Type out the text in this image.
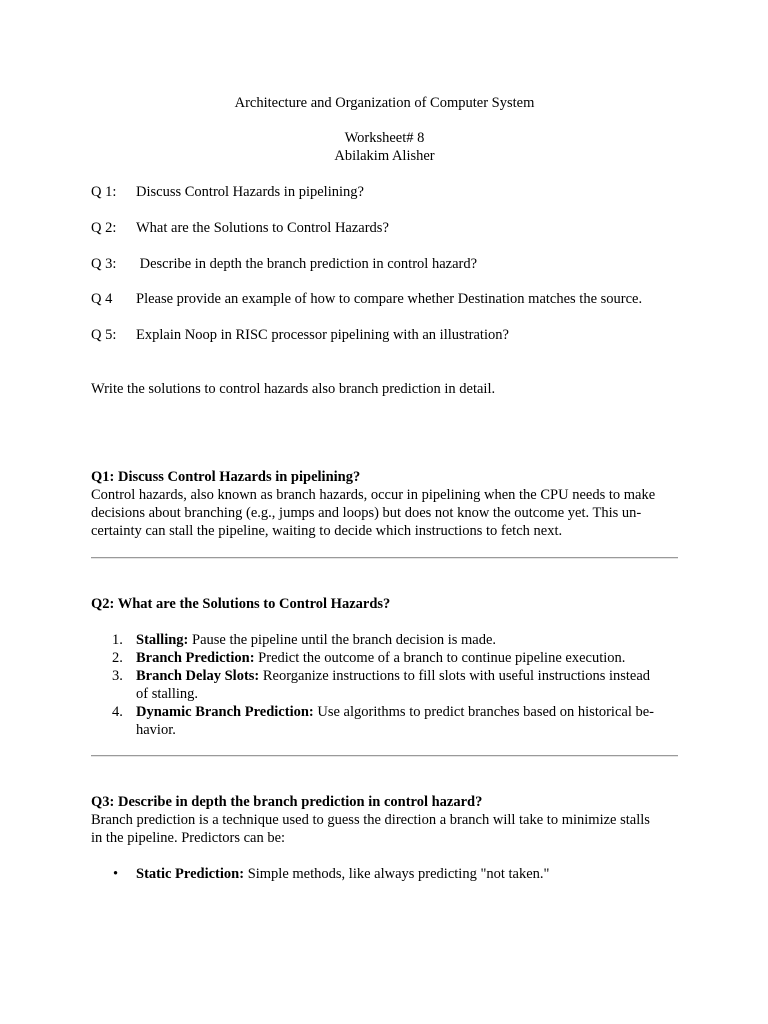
Architecture and Organization of Computer System
Worksheet# 8
Abilakim Alisher
Q 1: Discuss Control Hazards in pipelining?
Q 2: What are the Solutions to Control Hazards?
Q 3: Describe in depth the branch prediction in control hazard?
Q 4 Please provide an example of how to compare whether Destination matches the source.
Q 5: Explain Noop in RISC processor pipelining with an illustration?
Write the solutions to control hazards also branch prediction in detail.
Q1: Discuss Control Hazards in pipelining?
Control hazards, also known as branch hazards, occur in pipelining when the CPU needs to make
decisions about branching (e.g., jumps and loops) but does not know the outcome yet. This un-
certainty can stall the pipeline, waiting to decide which instructions to fetch next.
Q2: What are the Solutions to Control Hazards?
1. Stalling: Pause the pipeline until the branch decision is made.
2. Branch Prediction: Predict the outcome of a branch to continue pipeline execution.
3. Branch Delay Slots: Reorganize instructions to fill slots with useful instructions instead
of stalling.
4. Dynamic Branch Prediction: Use algorithms to predict branches based on historical be-
havior.
Q3: Describe in depth the branch prediction in control hazard?
Branch prediction is a technique used to guess the direction a branch will take to minimize stalls
in the pipeline. Predictors can be:
• Static Prediction: Simple methods, like always predicting "not taken."
